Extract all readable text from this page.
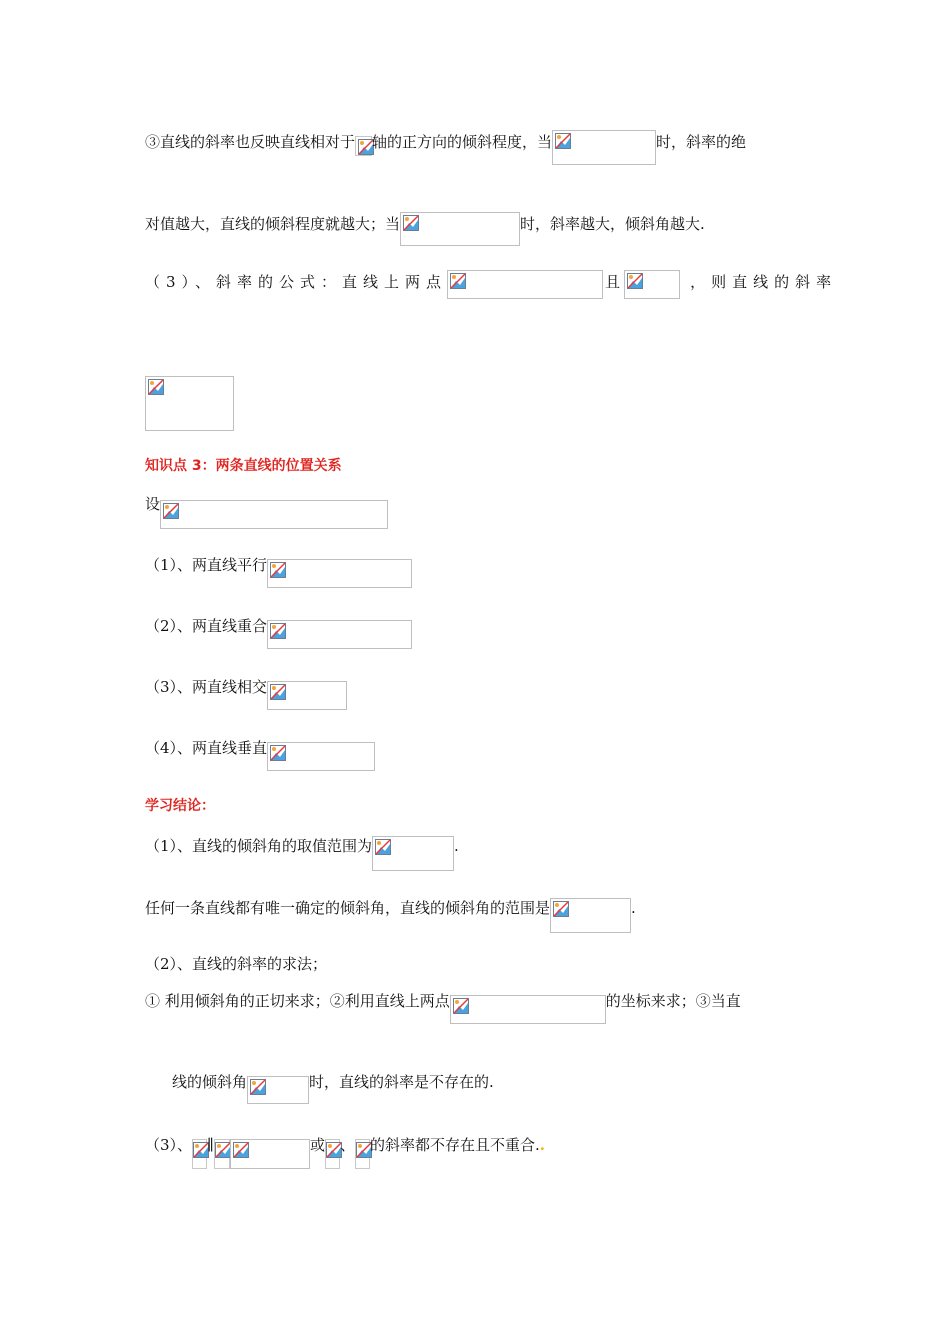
③直线的斜率也反映直线相对于 轴的正方向的倾斜程度，当	时，斜率的绝
对值越大，直线的倾斜程度就越大；当	时，斜率越大，倾斜角越大.
（3）、斜率的公式：直线上两点	且	，则直线的斜率
知识点 3：两条直线的位置关系
设
（1）、两直线平行
（2）、两直线重合
（3）、两直线相交
（4）、两直线垂直
学习结论：
（1）、直线的倾斜角的取值范围为	.
任何一条直线都有唯一确定的倾斜角，直线的倾斜角的范围是	.
（2）、直线的斜率的求法；
① 利用倾斜角的正切来求；②利用直线上两点	的坐标来求；③当直
线的倾斜角	时，直线的斜率是不存在的.
（3）、 ∥	或 、 的斜率都不存在且不重合..
